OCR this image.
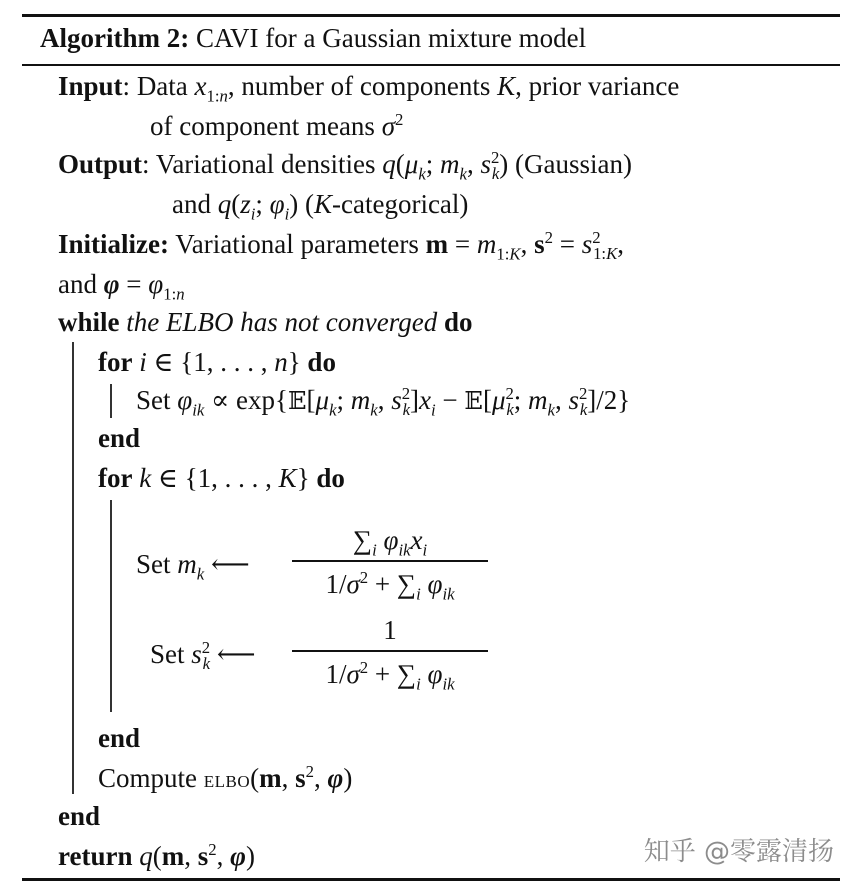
Algorithm 2: CAVI for a Gaussian mixture model
Input: Data $x_{1:n}$, number of components K, prior variance
of component means $\sigma^2$
Output: Variational densities $q(\mu_k$; $m_k$, $s^2_k$) (Gaussian)
and $q(z_i$; $\varphi_i$) (K-categorical)
Initialize: Variational parameters $m = m_{1:K}$, $s^2 = s^2_{1:K}$,
and $\varphi = \varphi_{1:n}$
while the ELBO has not converged do
for i ∈ {1, . . . , n} do
Set $\varphi_{ik}$ ∝ $\exp\{𝔼[\mu_k$; $m_k$, $s^2_k]x_i$ − $𝔼[\mu^2_k$; $m_k$, $s^2_k]/2$}
end
for k ∈ {1, . . . , K} do
Set $m_k$ ⟵
$\sum_i$ $\varphi_{ik}x_i$
$1/\sigma^2 + \sum_i$ $\varphi_{ik}$
Set $s^2_k$ ⟵
1
$1/\sigma^2 + \sum_i$ $\varphi_{ik}$
end
Compute elbo(m, $s^2$, φ)
end
return q(m, $s^2$, φ)	知乎 @零露清扬
